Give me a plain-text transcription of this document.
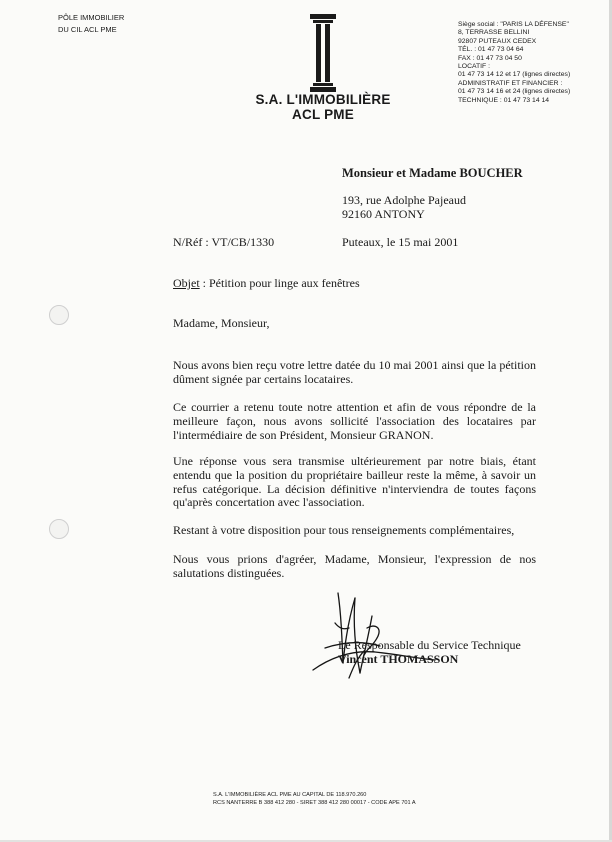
PÔLE IMMOBILIER
DU CIL ACL PME
S.A. L'IMMOBILIÈRE
ACL PME
Siège social : "PARIS LA DÉFENSE"
8, TERRASSE BELLINI
92807 PUTEAUX CEDEX
TÉL. : 01 47 73 04 64
FAX : 01 47 73 04 50
LOCATIF :
01 47 73 14 12 et 17 (lignes directes)
ADMINISTRATIF ET FINANCIER :
01 47 73 14 16 et 24 (lignes directes)
TECHNIQUE : 01 47 73 14 14
Monsieur et Madame BOUCHER
193, rue Adolphe Pajeaud
92160 ANTONY
N/Réf : VT/CB/1330	Puteaux, le 15 mai 2001
Objet : Pétition pour linge aux fenêtres
Madame, Monsieur,
Nous avons bien reçu votre lettre datée du 10 mai 2001 ainsi que la pétition
dûment signée par certains locataires.
Ce courrier a retenu toute notre attention et afin de vous répondre de la
meilleure façon, nous avons sollicité l'association des locataires par
l'intermédiaire de son Président, Monsieur GRANON.
Une réponse vous sera transmise ultérieurement par notre biais, étant
entendu que la position du propriétaire bailleur reste la même, à savoir un
refus catégorique. La décision définitive n'interviendra de toutes façons
qu'après concertation avec l'association.
Restant à votre disposition pour tous renseignements complémentaires,
Nous vous prions d'agréer, Madame, Monsieur, l'expression de nos
salutations distinguées.
Le Responsable du Service Technique
Vincent THOMASSON
S.A. L'IMMOBILIÈRE ACL PME AU CAPITAL DE 118.970.260
RCS NANTERRE B 388 412 280 - SIRET 388 412 280 00017 - CODE APE 701 A
